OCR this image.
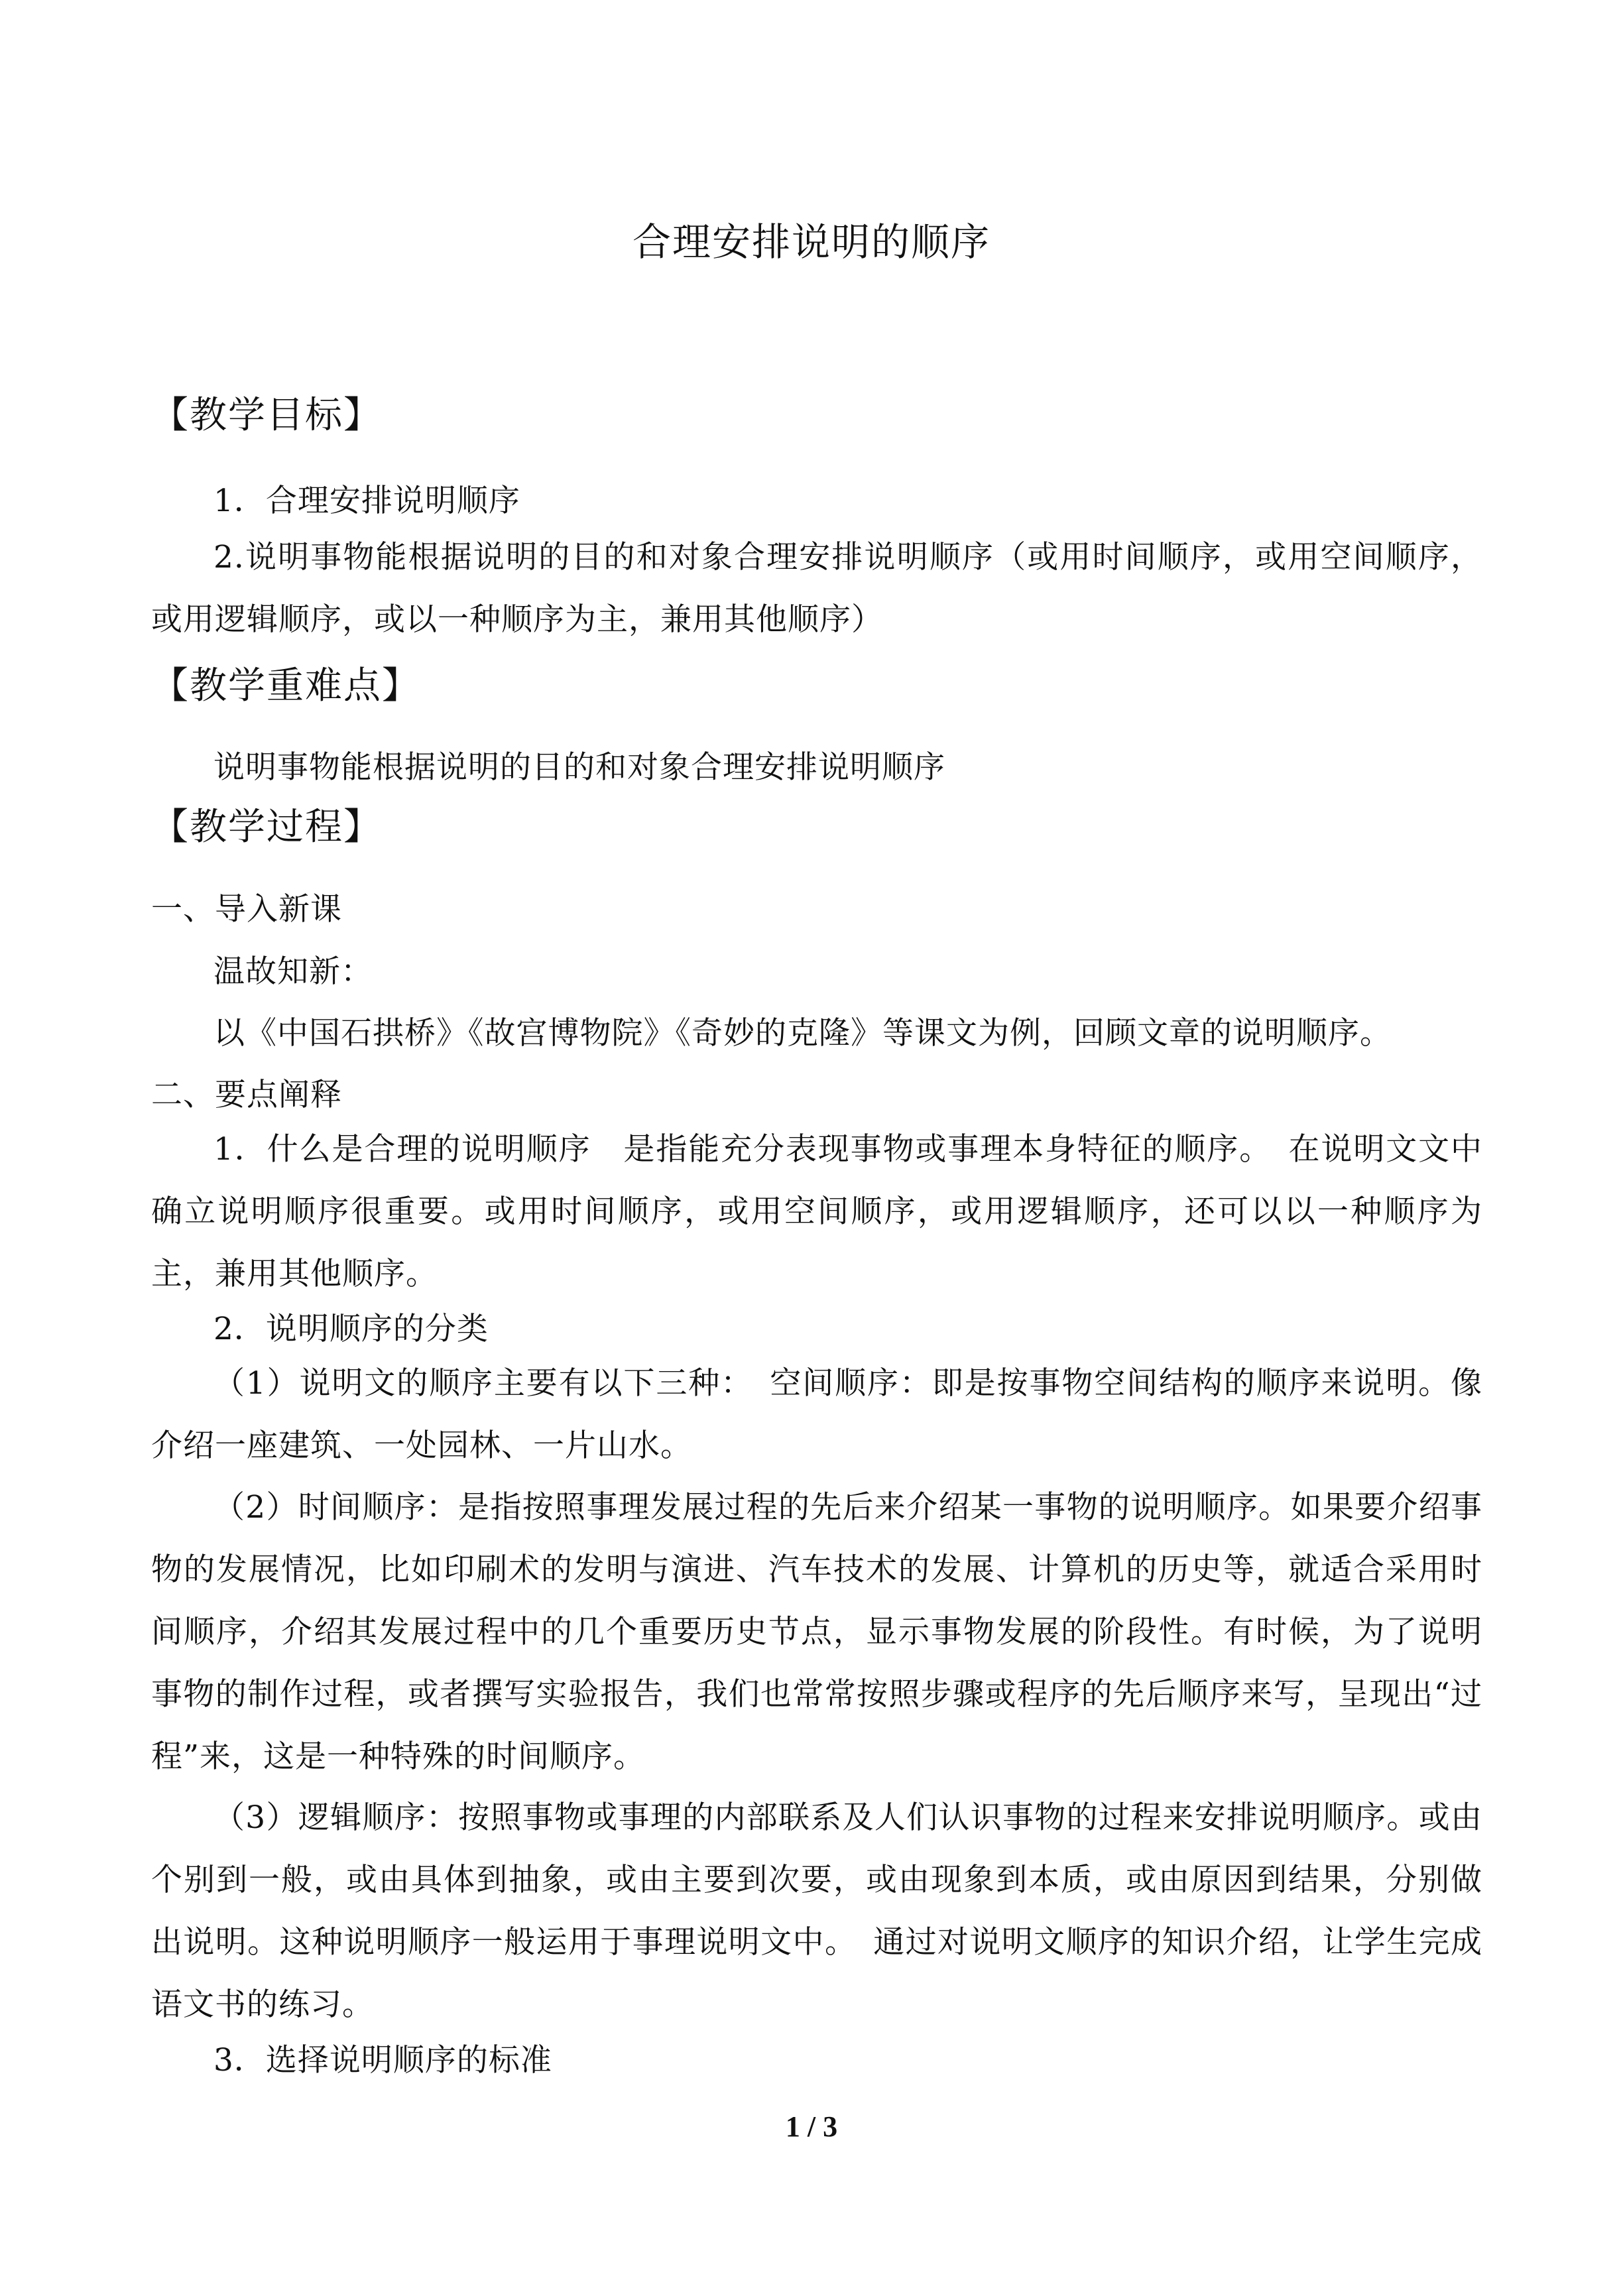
合理安排说明的顺序
【教学目标】
1．合理安排说明顺序
2.说明事物能根据说明的目的和对象合理安排说明顺序（或用时间顺序，或用空间顺序，或用逻辑顺序，或以一种顺序为主，兼用其他顺序）
【教学重难点】
说明事物能根据说明的目的和对象合理安排说明顺序
【教学过程】
一、导入新课
温故知新：
以《中国石拱桥》《故宫博物院》《奇妙的克隆》等课文为例，回顾文章的说明顺序。
二、要点阐释
1．什么是合理的说明顺序　是指能充分表现事物或事理本身特征的顺序。　在说明文文中确立说明顺序很重要。或用时间顺序，或用空间顺序，或用逻辑顺序，还可以以一种顺序为主，兼用其他顺序。
2．说明顺序的分类
（1）说明文的顺序主要有以下三种：　空间顺序：即是按事物空间结构的顺序来说明。像介绍一座建筑、一处园林、一片山水。
（2）时间顺序：是指按照事理发展过程的先后来介绍某一事物的说明顺序。如果要介绍事物的发展情况，比如印刷术的发明与演进、汽车技术的发展、计算机的历史等，就适合采用时间顺序，介绍其发展过程中的几个重要历史节点，显示事物发展的阶段性。有时候，为了说明事物的制作过程，或者撰写实验报告，我们也常常按照步骤或程序的先后顺序来写，呈现出“过程”来，这是一种特殊的时间顺序。
（3）逻辑顺序：按照事物或事理的内部联系及人们认识事物的过程来安排说明顺序。或由个别到一般，或由具体到抽象，或由主要到次要，或由现象到本质，或由原因到结果，分别做出说明。这种说明顺序一般运用于事理说明文中。　通过对说明文顺序的知识介绍，让学生完成语文书的练习。
3．选择说明顺序的标准
1 / 3
